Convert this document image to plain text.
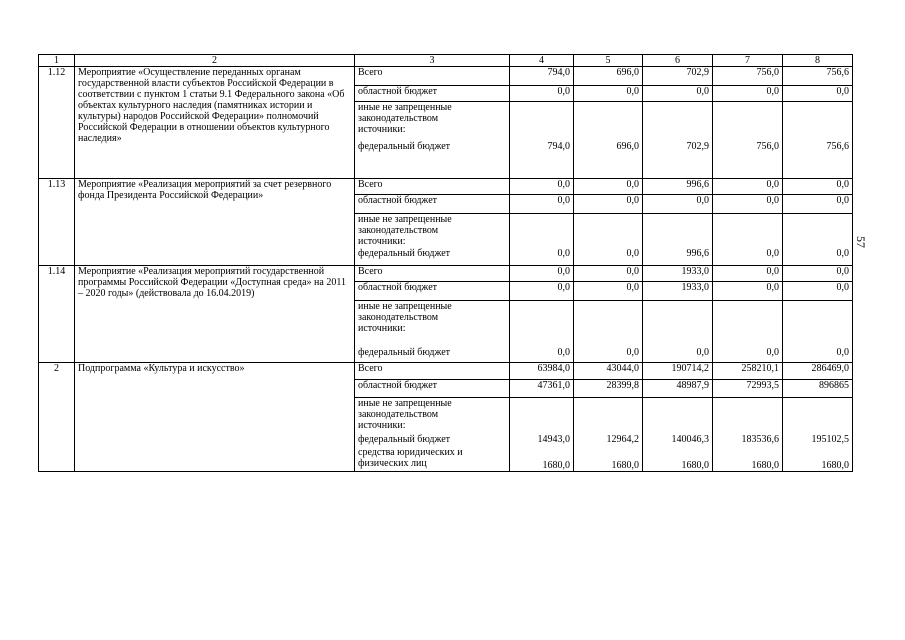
1	2	3	4	5	6	7	8
1.12	Мероприятие «Осуществление переданных органам государственной власти субъектов Российской Федерации в соответствии с пунктом 1 статьи 9.1 Федерального закона «Об объектах культурного наследия (памятниках истории и культуры) народов Российской Федерации» полномочий Российской Федерации в отношении объектов культурного наследия»	Всего	794,0	696,0	702,9	756,0	756,6
		областной бюджет	0,0	0,0	0,0	0,0	0,0
		иные не запрещенные
законодательством
источники:					
		федеральный бюджет	794,0	696,0	702,9	756,0	756,6
1.13	Мероприятие «Реализация мероприятий за счет резервного фонда Президента Российской Федерации»	Всего	0,0	0,0	996,6	0,0	0,0
		областной бюджет	0,0	0,0	0,0	0,0	0,0
		иные не запрещенные
законодательством
источники:					
		федеральный бюджет	0,0	0,0	996,6	0,0	0,0
1.14	Мероприятие «Реализация мероприятий государственной программы Российской Федерации «Доступная среда» на 2011 – 2020 годы» (действовала до 16.04.2019)	Всего	0,0	0,0	1933,0	0,0	0,0
		областной бюджет	0,0	0,0	1933,0	0,0	0,0
		иные не запрещенные
законодательством
источники:					
		федеральный бюджет	0,0	0,0	0,0	0,0	0,0
2	Подпрограмма «Культура и искусство»	Всего	63984,0	43044,0	190714,2	258210,1	286469,0
		областной бюджет	47361,0	28399,8	48987,9	72993,5	896865
		иные не запрещенные
законодательством
источники:					
		федеральный бюджет	14943,0	12964,2	140046,3	183536,6	195102,5
		средства юридических и
физических лиц	1680,0	1680,0	1680,0	1680,0	1680,0
57
